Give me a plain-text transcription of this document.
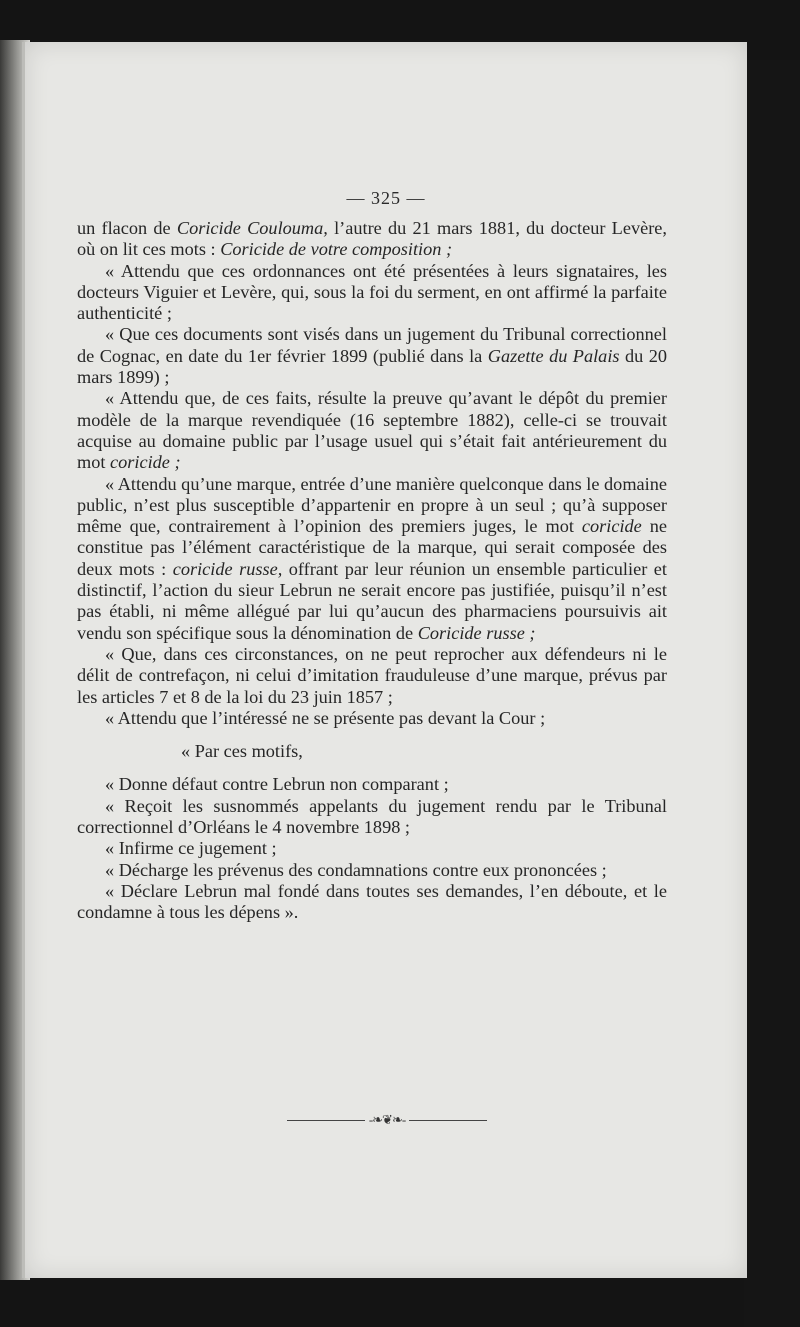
— 325 —

un flacon de Coricide Coulouma, l’autre du 21 mars 1881, du docteur Levère, où on lit ces mots : Coricide de votre composition ;

« Attendu que ces ordonnances ont été présentées à leurs signataires, les docteurs Viguier et Levère, qui, sous la foi du serment, en ont affirmé la parfaite authenticité ;

« Que ces documents sont visés dans un jugement du Tribunal correctionnel de Cognac, en date du 1er février 1899 (publié dans la Gazette du Palais du 20 mars 1899) ;

« Attendu que, de ces faits, résulte la preuve qu’avant le dépôt du premier modèle de la marque revendiquée (16 septembre 1882), celle-ci se trouvait acquise au domaine public par l’usage usuel qui s’était fait antérieurement du mot coricide ;

« Attendu qu’une marque, entrée d’une manière quelconque dans le domaine public, n’est plus susceptible d’appartenir en propre à un seul ; qu’à supposer même que, contrairement à l’opinion des premiers juges, le mot coricide ne constitue pas l’élément caractéristique de la marque, qui serait composée des deux mots : coricide russe, offrant par leur réunion un ensemble particulier et distinctif, l’action du sieur Lebrun ne serait encore pas justifiée, puisqu’il n’est pas établi, ni même allégué par lui qu’aucun des pharmaciens poursuivis ait vendu son spécifique sous la dénomination de Coricide russe ;

« Que, dans ces circonstances, on ne peut reprocher aux défendeurs ni le délit de contrefaçon, ni celui d’imitation frauduleuse d’une marque, prévus par les articles 7 et 8 de la loi du 23 juin 1857 ;

« Attendu que l’intéressé ne se présente pas devant la Cour ;

« Par ces motifs,

« Donne défaut contre Lebrun non comparant ;

« Reçoit les susnommés appelants du jugement rendu par le Tribunal correctionnel d’Orléans le 4 novembre 1898 ;

« Infirme ce jugement ;

« Décharge les prévenus des condamnations contre eux prononcées ;

« Déclare Lebrun mal fondé dans toutes ses demandes, l’en déboute, et le condamne à tous les dépens ».

-❧❦❧-
